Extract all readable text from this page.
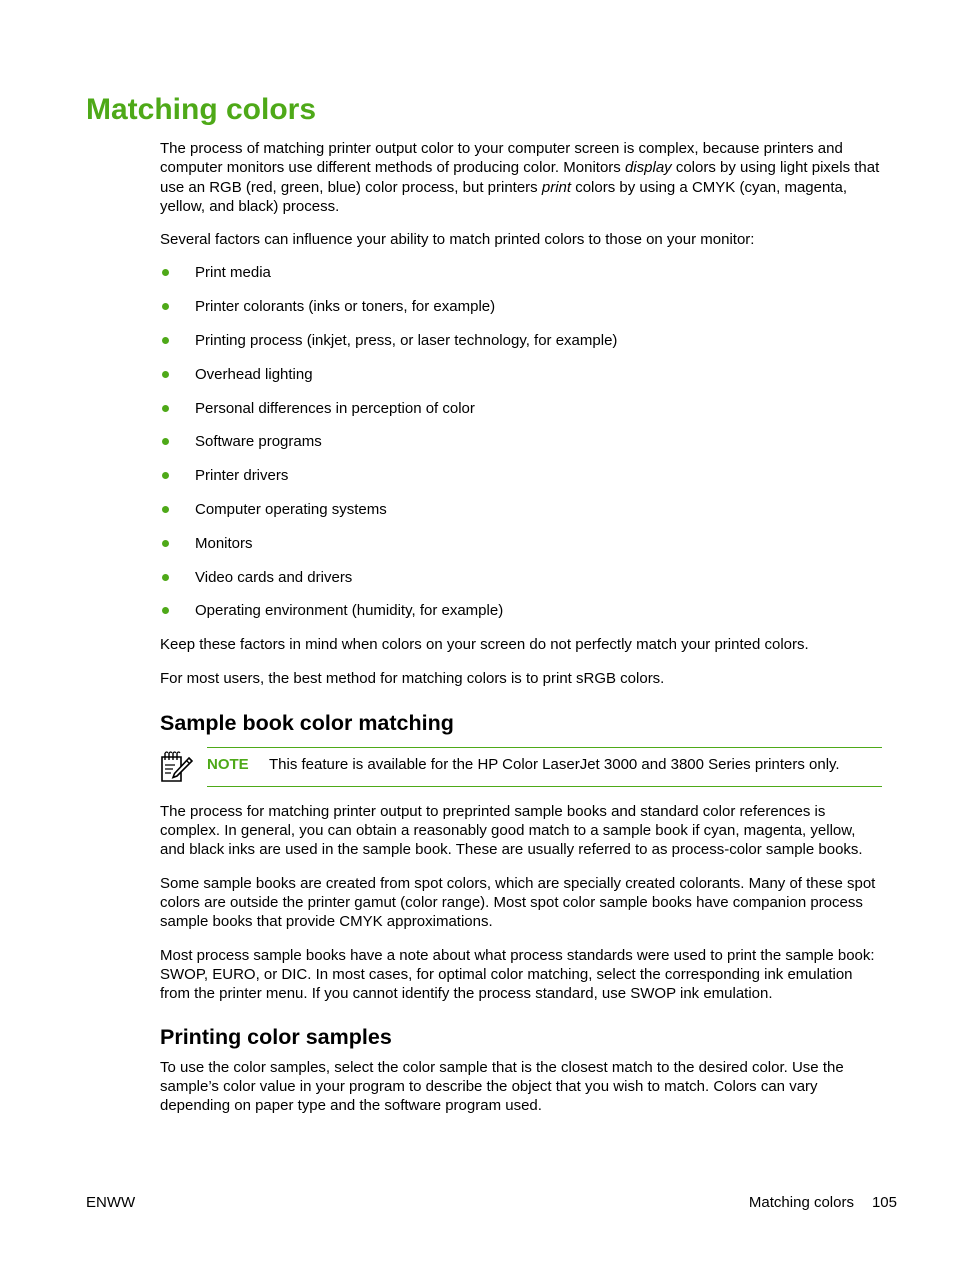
Matching colors

The process of matching printer output color to your computer screen is complex, because printers and computer monitors use different methods of producing color. Monitors display colors by using light pixels that use an RGB (red, green, blue) color process, but printers print colors by using a CMYK (cyan, magenta, yellow, and black) process.

Several factors can influence your ability to match printed colors to those on your monitor:

Print media
Printer colorants (inks or toners, for example)
Printing process (inkjet, press, or laser technology, for example)
Overhead lighting
Personal differences in perception of color
Software programs
Printer drivers
Computer operating systems
Monitors
Video cards and drivers
Operating environment (humidity, for example)

Keep these factors in mind when colors on your screen do not perfectly match your printed colors.

For most users, the best method for matching colors is to print sRGB colors.

Sample book color matching
NOTE This feature is available for the HP Color LaserJet 3000 and 3800 Series printers only.

The process for matching printer output to preprinted sample books and standard color references is complex. In general, you can obtain a reasonably good match to a sample book if cyan, magenta, yellow, and black inks are used in the sample book. These are usually referred to as process-color sample books.

Some sample books are created from spot colors, which are specially created colorants. Many of these spot colors are outside the printer gamut (color range). Most spot color sample books have companion process sample books that provide CMYK approximations.

Most process sample books have a note about what process standards were used to print the sample book: SWOP, EURO, or DIC. In most cases, for optimal color matching, select the corresponding ink emulation from the printer menu. If you cannot identify the process standard, use SWOP ink emulation.

Printing color samples

To use the color samples, select the color sample that is the closest match to the desired color. Use the sample’s color value in your program to describe the object that you wish to match. Colors can vary depending on paper type and the software program used.

ENWW	Matching colors 105
